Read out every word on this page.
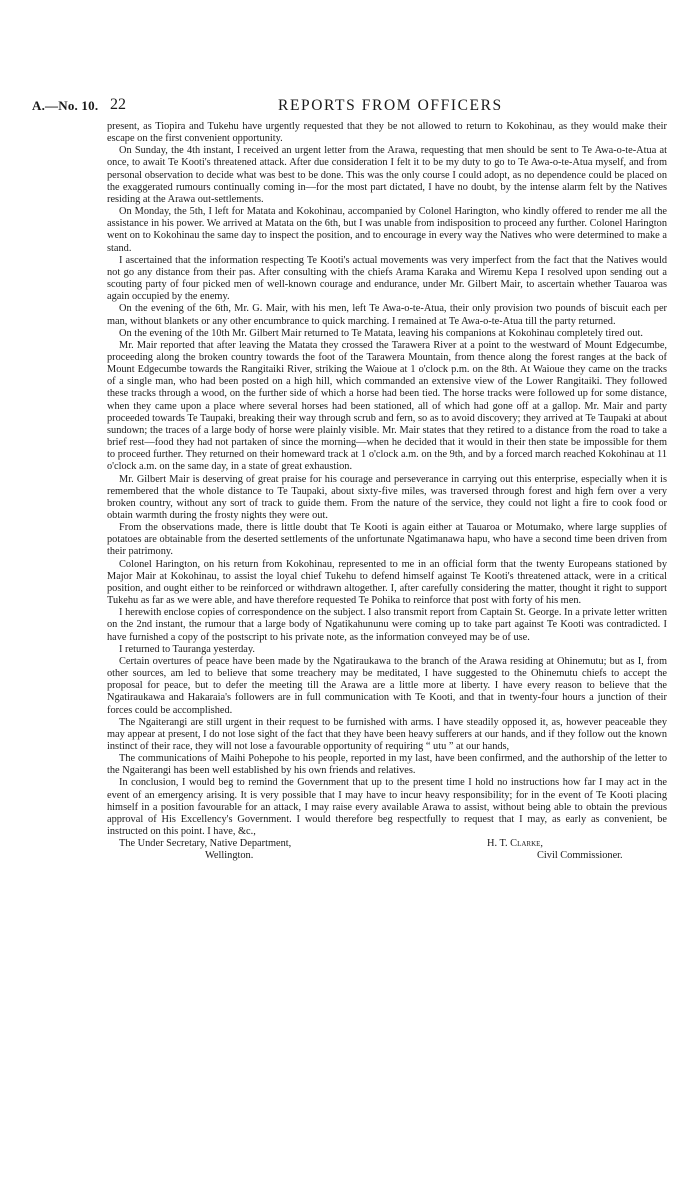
A.—No. 10. 22	REPORTS FROM OFFICERS

present, as Tiopira and Tukehu have urgently requested that they be not allowed to return to Kokohinau, as they would make their escape on the first convenient opportunity.

On Sunday, the 4th instant, I received an urgent letter from the Arawa, requesting that men should be sent to Te Awa-o-te-Atua at once, to await Te Kooti's threatened attack. After due consideration I felt it to be my duty to go to Te Awa-o-te-Atua myself, and from personal observation to decide what was best to be done. This was the only course I could adopt, as no dependence could be placed on the exaggerated rumours continually coming in—for the most part dictated, I have no doubt, by the intense alarm felt by the Natives residing at the Arawa out-settlements.

On Monday, the 5th, I left for Matata and Kokohinau, accompanied by Colonel Harington, who kindly offered to render me all the assistance in his power. We arrived at Matata on the 6th, but I was unable from indisposition to proceed any further. Colonel Harington went on to Kokohinau the same day to inspect the position, and to encourage in every way the Natives who were determined to make a stand.

I ascertained that the information respecting Te Kooti's actual movements was very imperfect from the fact that the Natives would not go any distance from their pas. After consulting with the chiefs Arama Karaka and Wiremu Kepa I resolved upon sending out a scouting party of four picked men of well-known courage and endurance, under Mr. Gilbert Mair, to ascertain whether Tauaroa was again occupied by the enemy.

On the evening of the 6th, Mr. G. Mair, with his men, left Te Awa-o-te-Atua, their only provision two pounds of biscuit each per man, without blankets or any other encumbrance to quick marching. I remained at Te Awa-o-te-Atua till the party returned.

On the evening of the 10th Mr. Gilbert Mair returned to Te Matata, leaving his companions at Kokohinau completely tired out.

Mr. Mair reported that after leaving the Matata they crossed the Tarawera River at a point to the westward of Mount Edgecumbe, proceeding along the broken country towards the foot of the Tarawera Mountain, from thence along the forest ranges at the back of Mount Edgecumbe towards the Rangitaiki River, striking the Waioue at 1 o'clock p.m. on the 8th. At Waioue they came on the tracks of a single man, who had been posted on a high hill, which commanded an extensive view of the Lower Rangitaiki. They followed these tracks through a wood, on the further side of which a horse had been tied. The horse tracks were followed up for some distance, when they came upon a place where several horses had been stationed, all of which had gone off at a gallop. Mr. Mair and party proceeded towards Te Taupaki, breaking their way through scrub and fern, so as to avoid discovery; they arrived at Te Taupaki at about sundown; the traces of a large body of horse were plainly visible. Mr. Mair states that they retired to a distance from the road to take a brief rest—food they had not partaken of since the morning—when he decided that it would in their then state be impossible for them to proceed further. They returned on their homeward track at 1 o'clock a.m. on the 9th, and by a forced march reached Kokohinau at 11 o'clock a.m. on the same day, in a state of great exhaustion.

Mr. Gilbert Mair is deserving of great praise for his courage and perseverance in carrying out this enterprise, especially when it is remembered that the whole distance to Te Taupaki, about sixty-five miles, was traversed through forest and high fern over a very broken country, without any sort of track to guide them. From the nature of the service, they could not light a fire to cook food or obtain warmth during the frosty nights they were out.

From the observations made, there is little doubt that Te Kooti is again either at Tauaroa or Motumako, where large supplies of potatoes are obtainable from the deserted settlements of the unfortunate Ngatimanawa hapu, who have a second time been driven from their patrimony.

Colonel Harington, on his return from Kokohinau, represented to me in an official form that the twenty Europeans stationed by Major Mair at Kokohinau, to assist the loyal chief Tukehu to defend himself against Te Kooti's threatened attack, were in a critical position, and ought either to be reinforced or withdrawn altogether. I, after carefully considering the matter, thought it right to support Tukehu as far as we were able, and have therefore requested Te Pohika to reinforce that post with forty of his men.

I herewith enclose copies of correspondence on the subject. I also transmit report from Captain St. George. In a private letter written on the 2nd instant, the rumour that a large body of Ngatikahununu were coming up to take part against Te Kooti was contradicted. I have furnished a copy of the postscript to his private note, as the information conveyed may be of use.

I returned to Tauranga yesterday.

Certain overtures of peace have been made by the Ngatiraukawa to the branch of the Arawa residing at Ohinemutu; but as I, from other sources, am led to believe that some treachery may be meditated, I have suggested to the Ohinemutu chiefs to accept the proposal for peace, but to defer the meeting till the Arawa are a little more at liberty. I have every reason to believe that the Ngatiraukawa and Hakaraia's followers are in full communication with Te Kooti, and that in twenty-four hours a junction of their forces could be accomplished.

The Ngaiterangi are still urgent in their request to be furnished with arms. I have steadily opposed it, as, however peaceable they may appear at present, I do not lose sight of the fact that they have been heavy sufferers at our hands, and if they follow out the known instinct of their race, they will not lose a favourable opportunity of requiring “ utu ” at our hands,

The communications of Maihi Pohepohe to his people, reported in my last, have been confirmed, and the authorship of the letter to the Ngaiterangi has been well established by his own friends and relatives.

In conclusion, I would beg to remind the Government that up to the present time I hold no instructions how far I may act in the event of an emergency arising. It is very possible that I may have to incur heavy responsibility; for in the event of Te Kooti placing himself in a position favourable for an attack, I may raise every available Arawa to assist, without being able to obtain the previous approval of His Excellency's Government. I would therefore beg respectfully to request that I may, as early as convenient, be instructed on this point. I have, &c.,

The Under Secretary, Native Department,	H. T. Clarke,
Wellington.	Civil Commissioner.
